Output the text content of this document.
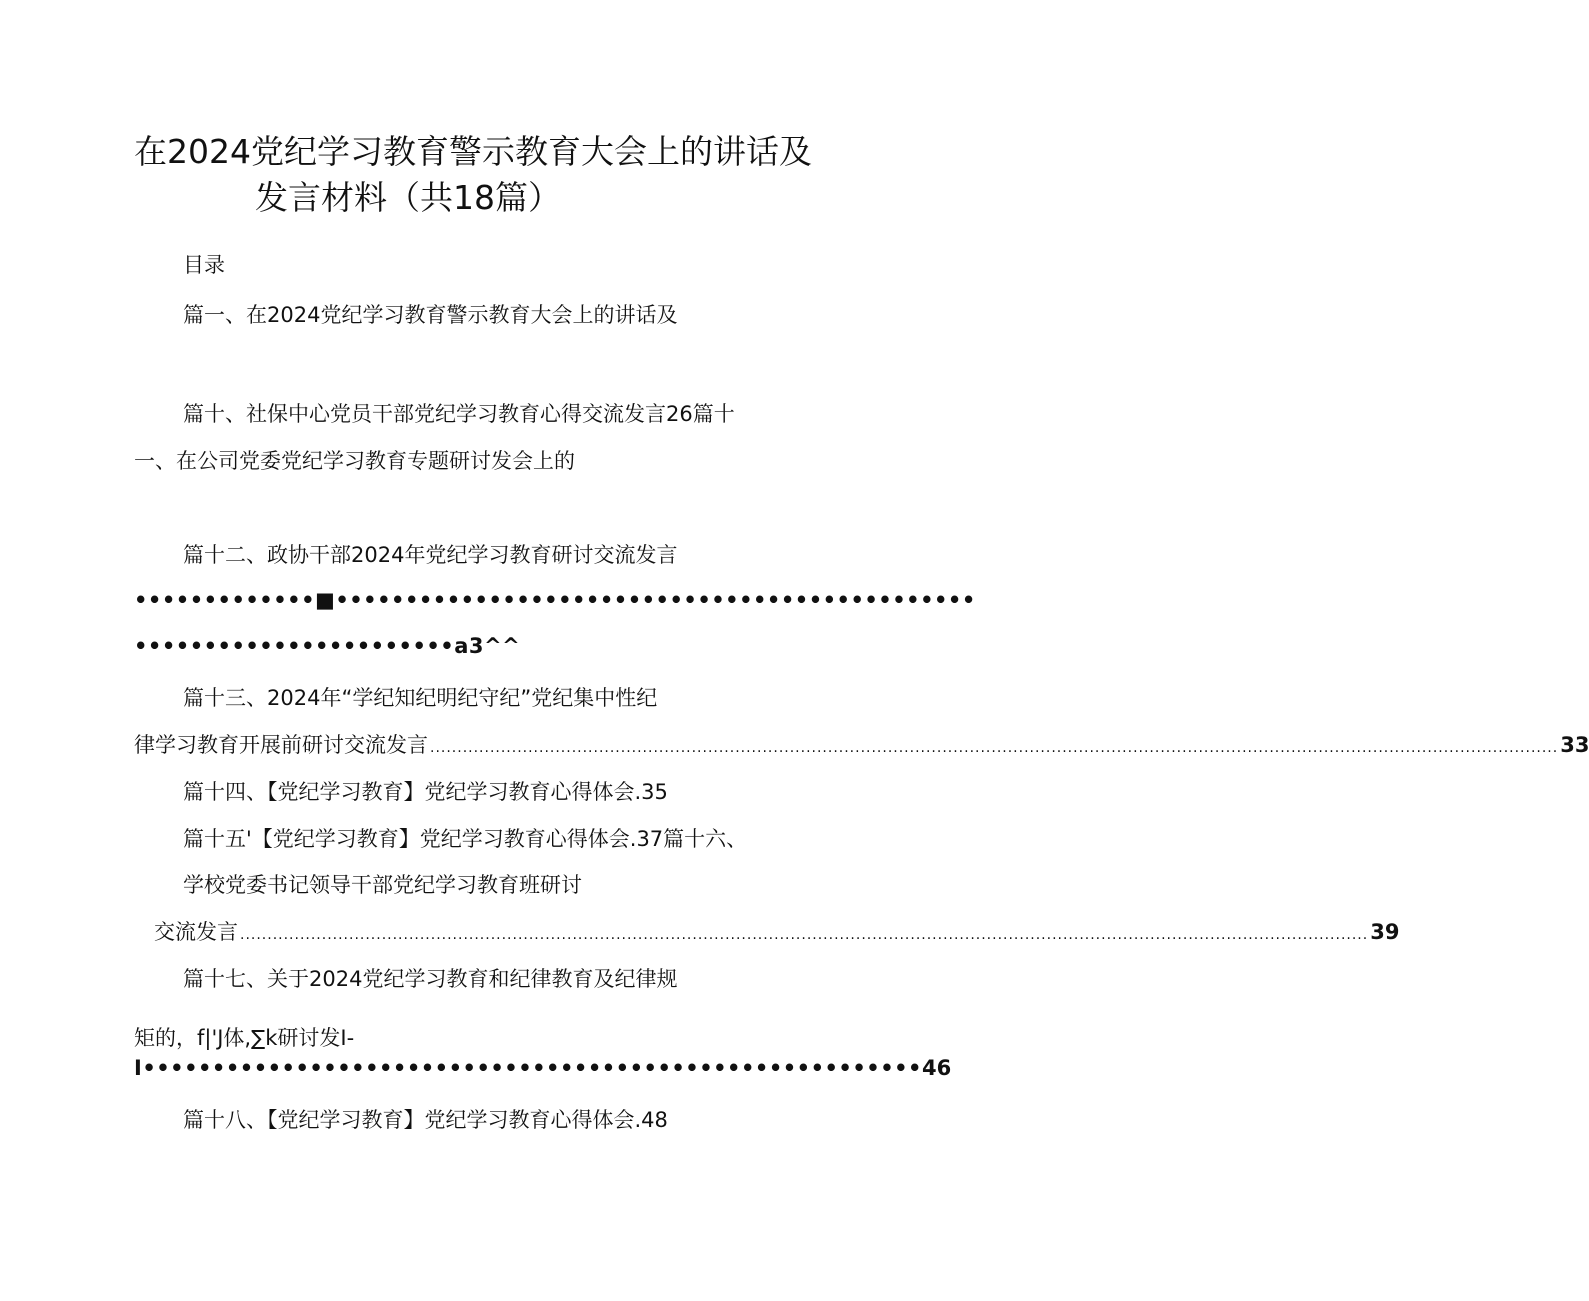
在2024党纪学习教育警示教育大会上的讲话及
发言材料（共18篇）
目录
篇一、在2024党纪学习教育警示教育大会上的讲话及
篇十、社保中心党员干部党纪学习教育心得交流发言26篇十
一、在公司党委党纪学习教育专题研讨发会上的
篇十二、政协干部2024年党纪学习教育研讨交流发言
•••••••••••••■••••••••••••••••••••••••••••••••••••••••••••••
•••••••••••••••••••••••a3^^
篇十三、2024年“学纪知纪明纪守纪”党纪集中性纪
律学习教育开展前研讨交流发言 .....	33
篇十四、【党纪学习教育】党纪学习教育心得体会.35
篇十五'【党纪学习教育】党纪学习教育心得体会.37篇十六、
学校党委书记领导干部党纪学习教育班研讨
交流发言 .....	39
篇十七、关于2024党纪学习教育和纪律教育及纪律规
矩的，f|'J体,∑k研讨发I-
I•••••••••••••••••••••••••••••••••••••••••••••••••••••••• 46
篇十八、【党纪学习教育】党纪学习教育心得体会.48
